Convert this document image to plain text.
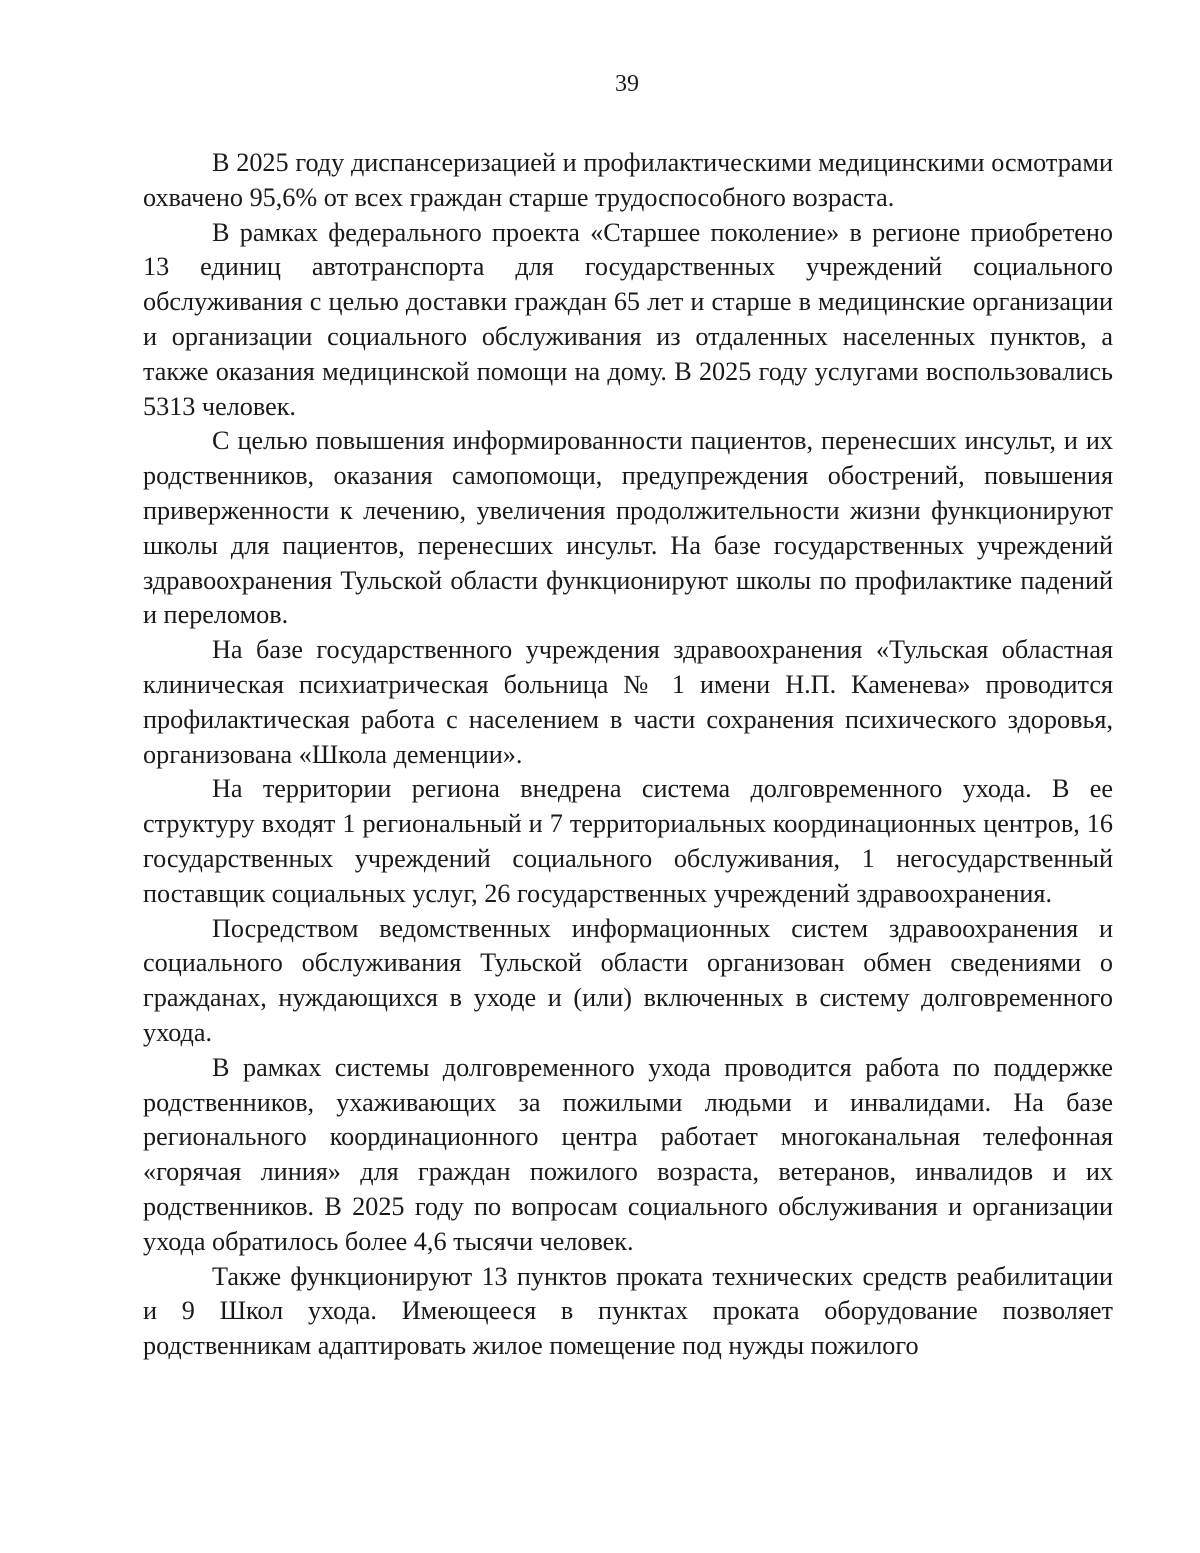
39

В 2025 году диспансеризацией и профилактическими медицинскими осмотрами охвачено 95,6% от всех граждан старше трудоспособного возраста.

В рамках федерального проекта «Старшее поколение» в регионе приобретено 13 единиц автотранспорта для государственных учреждений социального обслуживания с целью доставки граждан 65 лет и старше в медицинские организации и организации социального обслуживания из отдаленных населенных пунктов, а также оказания медицинской помощи на дому. В 2025 году услугами воспользовались 5313 человек.

С целью повышения информированности пациентов, перенесших инсульт, и их родственников, оказания самопомощи, предупреждения обострений, повышения приверженности к лечению, увеличения продолжительности жизни функционируют школы для пациентов, перенесших инсульт. На базе государственных учреждений здравоохранения Тульской области функционируют школы по профилактике падений и переломов.

На базе государственного учреждения здравоохранения «Тульская областная клиническая психиатрическая больница № 1 имени Н.П. Каменева» проводится профилактическая работа с населением в части сохранения психического здоровья, организована «Школа деменции».

На территории региона внедрена система долговременного ухода. В ее структуру входят 1 региональный и 7 территориальных координационных центров, 16 государственных учреждений социального обслуживания, 1 негосударственный поставщик социальных услуг, 26 государственных учреждений здравоохранения.

Посредством ведомственных информационных систем здравоохранения и социального обслуживания Тульской области организован обмен сведениями о гражданах, нуждающихся в уходе и (или) включенных в систему долговременного ухода.

В рамках системы долговременного ухода проводится работа по поддержке родственников, ухаживающих за пожилыми людьми и инвалидами. На базе регионального координационного центра работает многоканальная телефонная «горячая линия» для граждан пожилого возраста, ветеранов, инвалидов и их родственников. В 2025 году по вопросам социального обслуживания и организации ухода обратилось более 4,6 тысячи человек.

Также функционируют 13 пунктов проката технических средств реабилитации и 9 Школ ухода. Имеющееся в пунктах проката оборудование позволяет родственникам адаптировать жилое помещение под нужды пожилого
